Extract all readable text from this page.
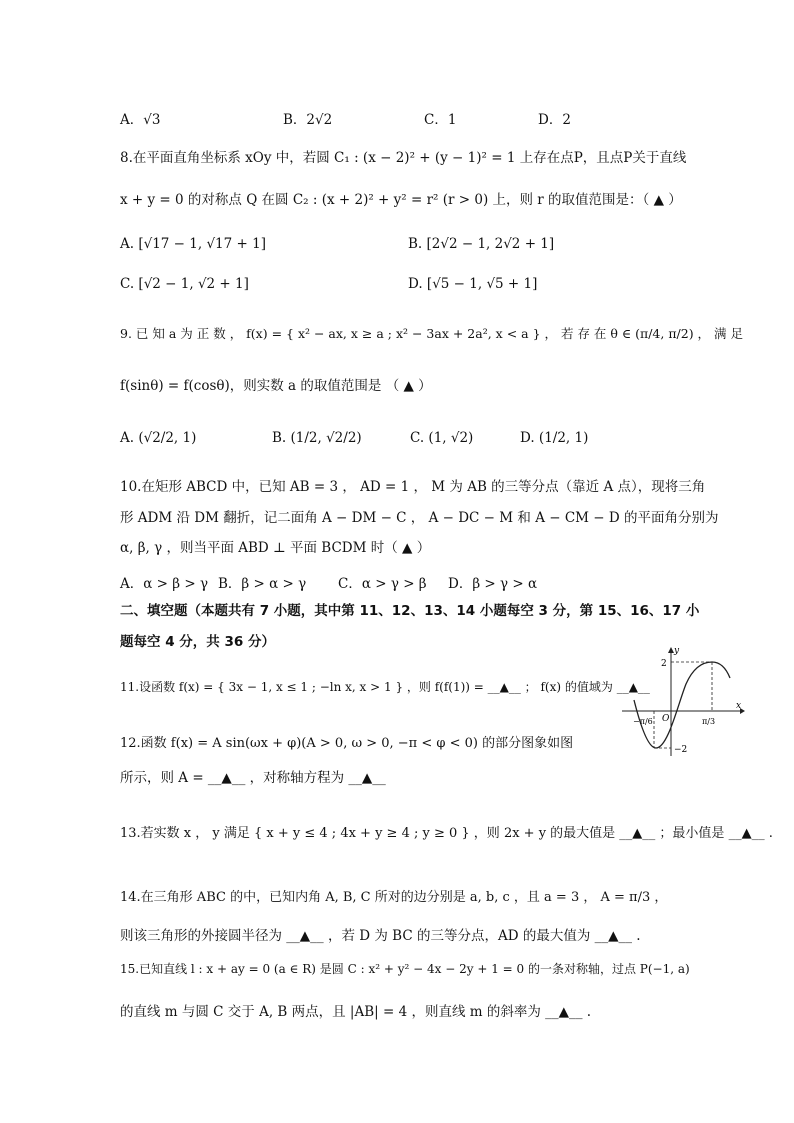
A．√3	B．2√2	C．1	D．2
8.在平面直角坐标系 xOy 中，若圆 C₁ : (x − 2)² + (y − 1)² = 1 上存在点P，且点P关于直线
x + y = 0 的对称点 Q 在圆 C₂ : (x + 2)² + y² = r² (r > 0) 上，则 r 的取值范围是：（ ▲ ）
A. [√17 − 1, √17 + 1]	B. [2√2 − 1, 2√2 + 1]
C. [√2 − 1, √2 + 1]	D. [√5 − 1, √5 + 1]
9. 已 知 a 为 正 数 ， f(x) = { x² − ax, x ≥ a ; x² − 3ax + 2a², x < a } ， 若 存 在 θ ∈ (π/4, π/2) ， 满 足
f(sinθ) = f(cosθ)，则实数 a 的取值范围是 （ ▲ ）
A. (√2/2, 1)	B. (1/2, √2/2)	C. (1, √2)	D. (1/2, 1)
10.在矩形 ABCD 中，已知 AB = 3 ， AD = 1 ， M 为 AB 的三等分点（靠近 A 点），现将三角
形 ADM 沿 DM 翻折，记二面角 A − DM − C ， A − DC − M 和 A − CM − D 的平面角分别为
α, β, γ ，则当平面 ABD ⊥ 平面 BCDM 时（ ▲ ）
A．α > β > γ B．β > α > γ C．α > γ > β D．β > γ > α
二、填空题（本题共有 7 小题，其中第 11、12、13、14 小题每空 3 分，第 15、16、17 小
题每空 4 分，共 36 分）
11.设函数 f(x) = { 3x − 1, x ≤ 1 ; −ln x, x > 1 } ，则 f(f(1)) = __▲__ ； f(x) 的值域为 __▲__
y
x
O
2
−2
−π/6	π/3
12.函数 f(x) = A sin(ωx + φ)(A > 0, ω > 0, −π < φ < 0) 的部分图象如图
所示，则 A = __▲__ ，对称轴方程为 __▲__
13.若实数 x ， y 满足 { x + y ≤ 4 ; 4x + y ≥ 4 ; y ≥ 0 } ，则 2x + y 的最大值是 __▲__ ；最小值是 __▲__ .
14.在三角形 ABC 的中，已知内角 A, B, C 所对的边分别是 a, b, c ，且 a = 3 ， A = π/3 ，
则该三角形的外接圆半径为 __▲__ ，若 D 为 BC 的三等分点，AD 的最大值为 __▲__ .
15.已知直线 l : x + ay = 0 (a ∈ R) 是圆 C : x² + y² − 4x − 2y + 1 = 0 的一条对称轴，过点 P(−1, a)
的直线 m 与圆 C 交于 A, B 两点，且 |AB| = 4 ，则直线 m 的斜率为 __▲__ .
